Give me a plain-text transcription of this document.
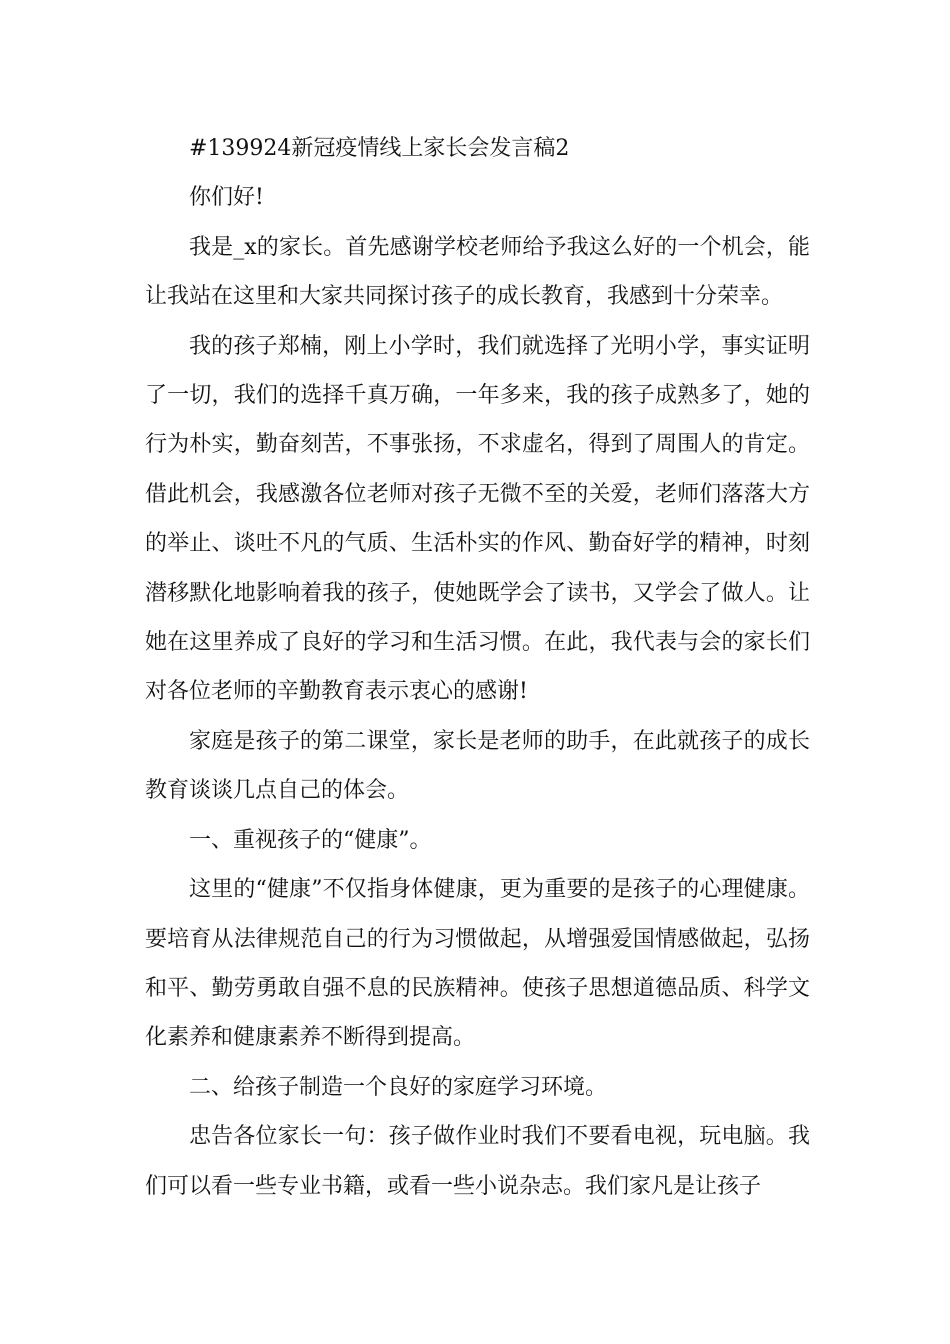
#139924新冠疫情线上家长会发言稿2

你们好!

我是_x的家长。首先感谢学校老师给予我这么好的一个机会，能让我站在这里和大家共同探讨孩子的成长教育，我感到十分荣幸。

我的孩子郑楠，刚上小学时，我们就选择了光明小学，事实证明了一切，我们的选择千真万确，一年多来，我的孩子成熟多了，她的行为朴实，勤奋刻苦，不事张扬，不求虚名，得到了周围人的肯定。借此机会，我感激各位老师对孩子无微不至的关爱，老师们落落大方的举止、谈吐不凡的气质、生活朴实的作风、勤奋好学的精神，时刻潜移默化地影响着我的孩子，使她既学会了读书，又学会了做人。让她在这里养成了良好的学习和生活习惯。在此，我代表与会的家长们对各位老师的辛勤教育表示衷心的感谢!

家庭是孩子的第二课堂，家长是老师的助手，在此就孩子的成长教育谈谈几点自己的体会。

一、重视孩子的“健康”。

这里的“健康”不仅指身体健康，更为重要的是孩子的心理健康。要培育从法律规范自己的行为习惯做起，从增强爱国情感做起，弘扬和平、勤劳勇敢自强不息的民族精神。使孩子思想道德品质、科学文化素养和健康素养不断得到提高。

二、给孩子制造一个良好的家庭学习环境。

忠告各位家长一句：孩子做作业时我们不要看电视，玩电脑。我们可以看一些专业书籍，或看一些小说杂志。我们家凡是让孩子
